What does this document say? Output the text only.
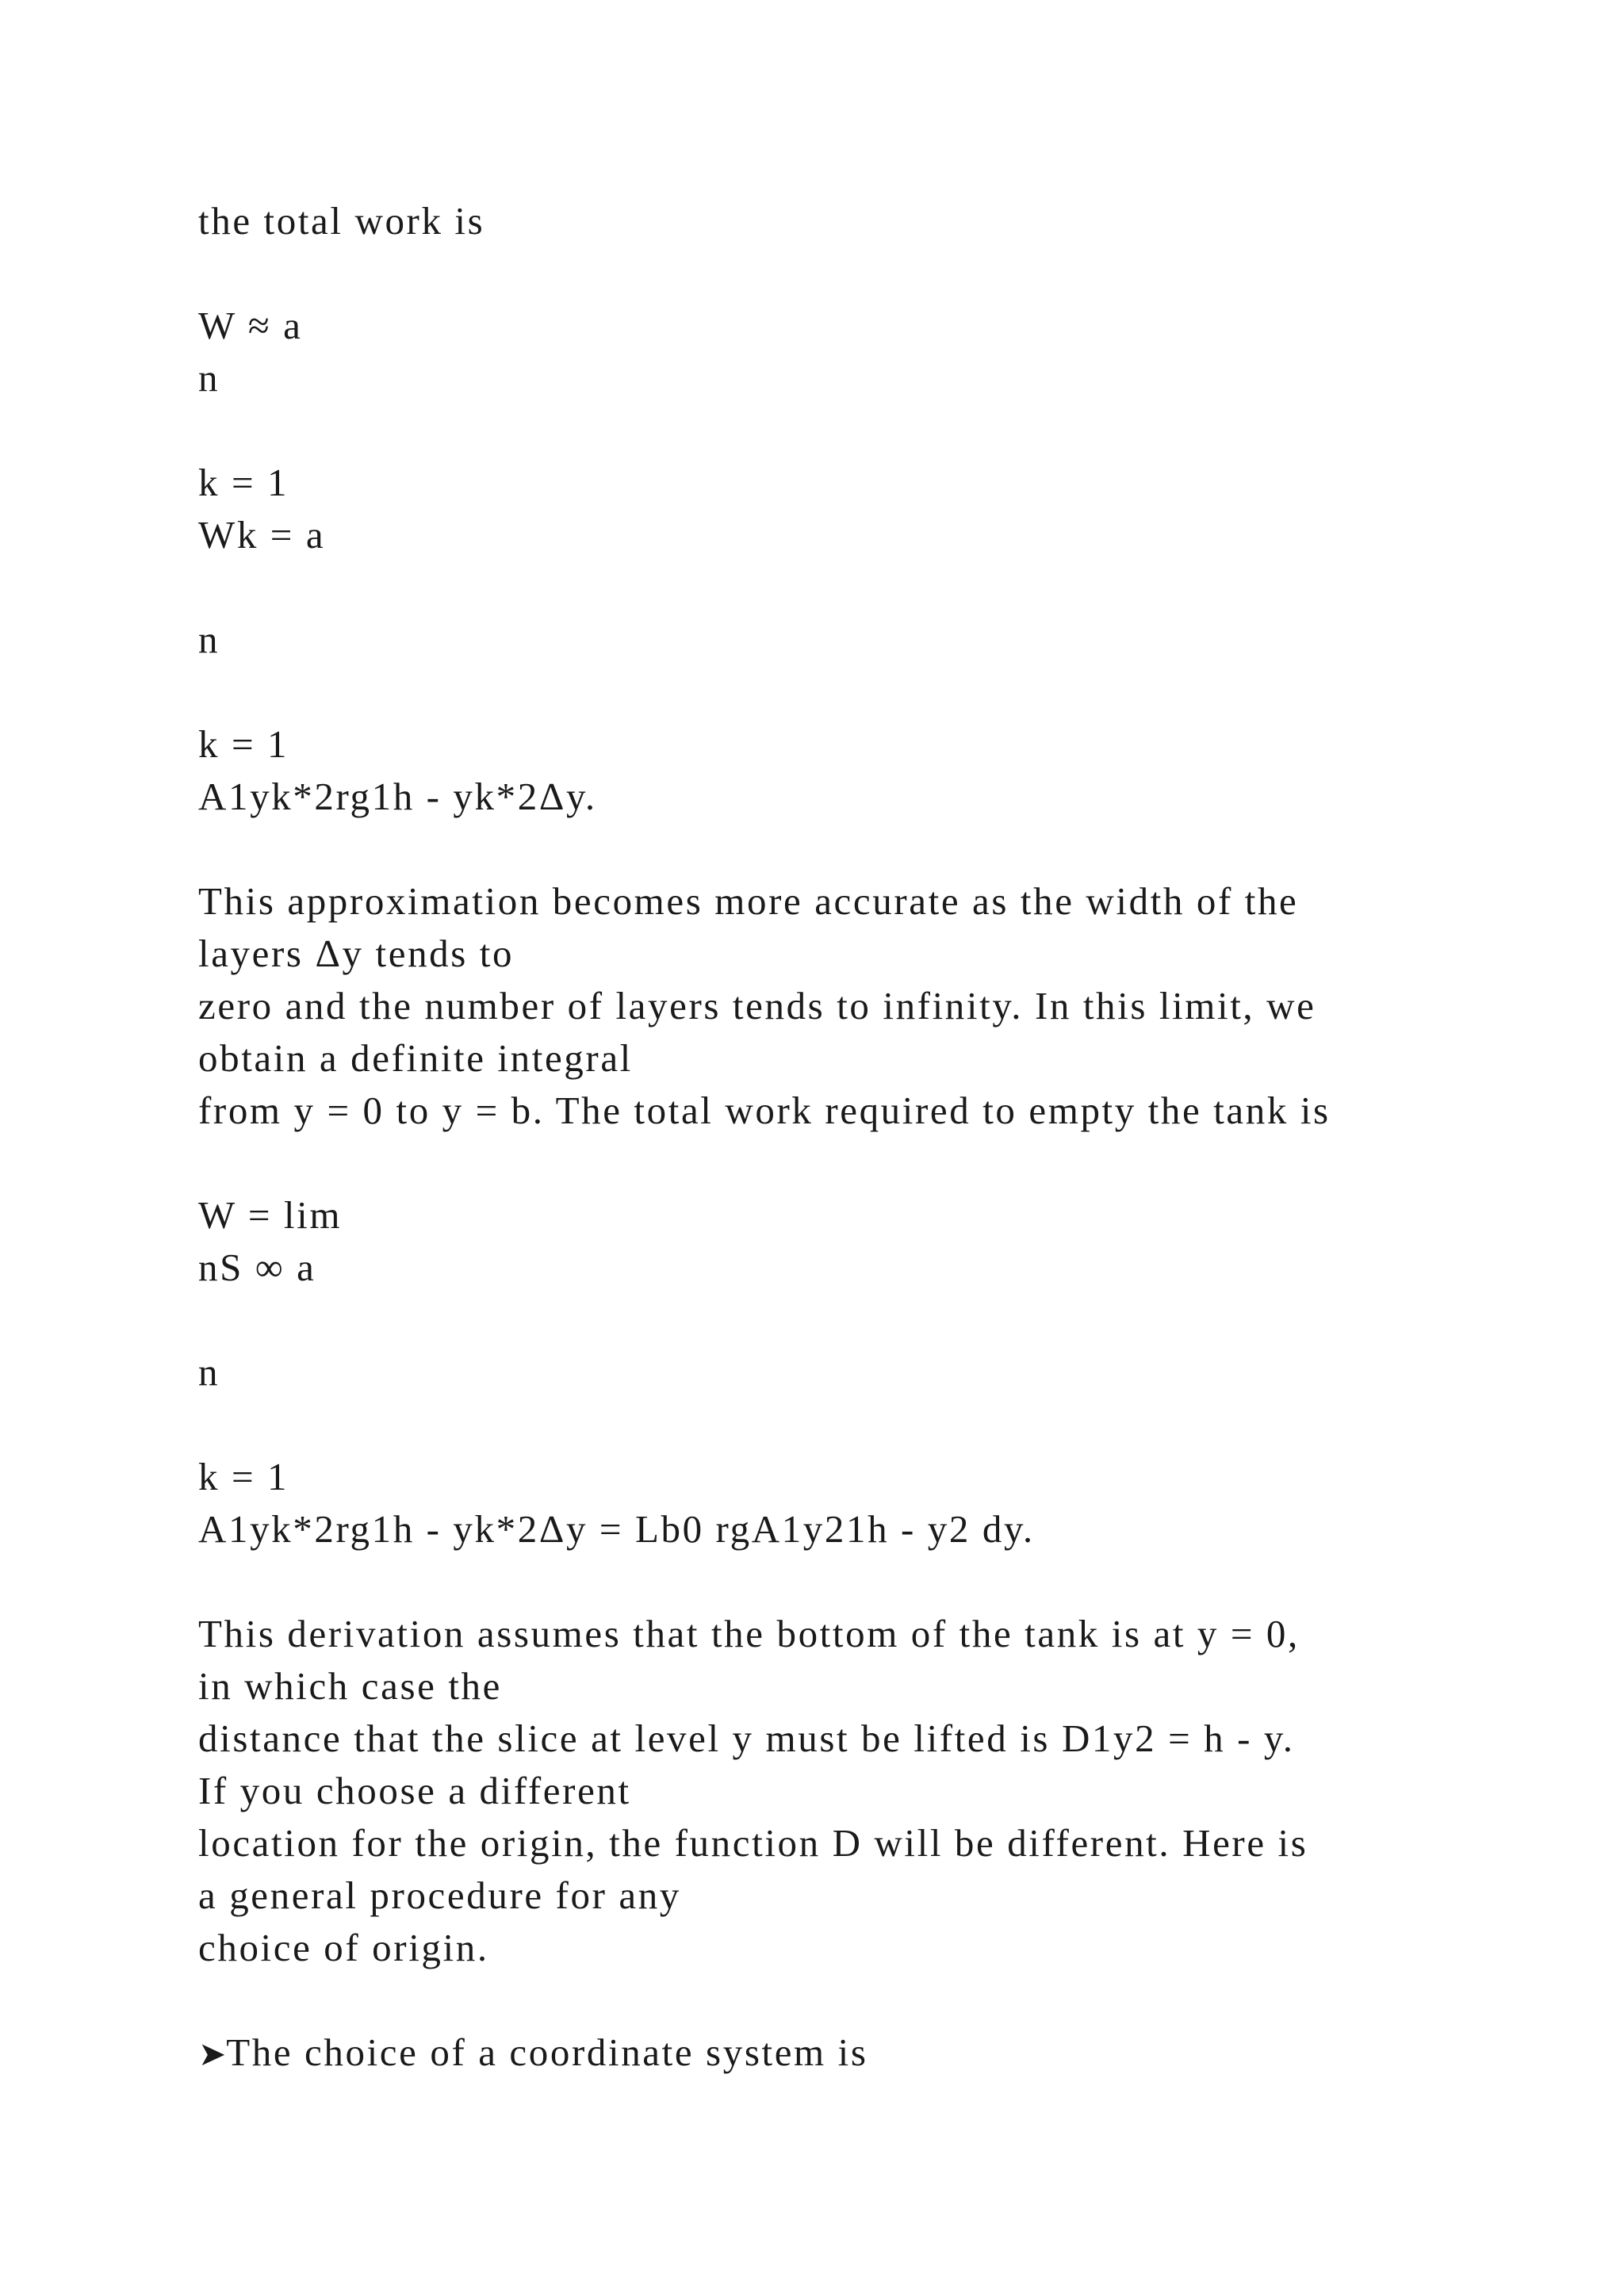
the total work is

W ≈ a

n

k = 1

Wk = a

n

k = 1

A1yk*2rg1h - yk*2Δy.

This approximation becomes more accurate as the width of the

layers Δy tends to

zero and the number of layers tends to infinity. In this limit, we

obtain a definite integral

from y = 0 to y = b. The total work required to empty the tank is

W = lim

nS ∞ a

n

k = 1

A1yk*2rg1h - yk*2Δy = Lb0 rgA1y21h - y2 dy.

This derivation assumes that the bottom of the tank is at y = 0,

in which case the

distance that the slice at level y must be lifted is D1y2 = h - y.

If you choose a different

location for the origin, the function D will be different. Here is

a general procedure for any

choice of origin.

➤The choice of a coordinate system is
